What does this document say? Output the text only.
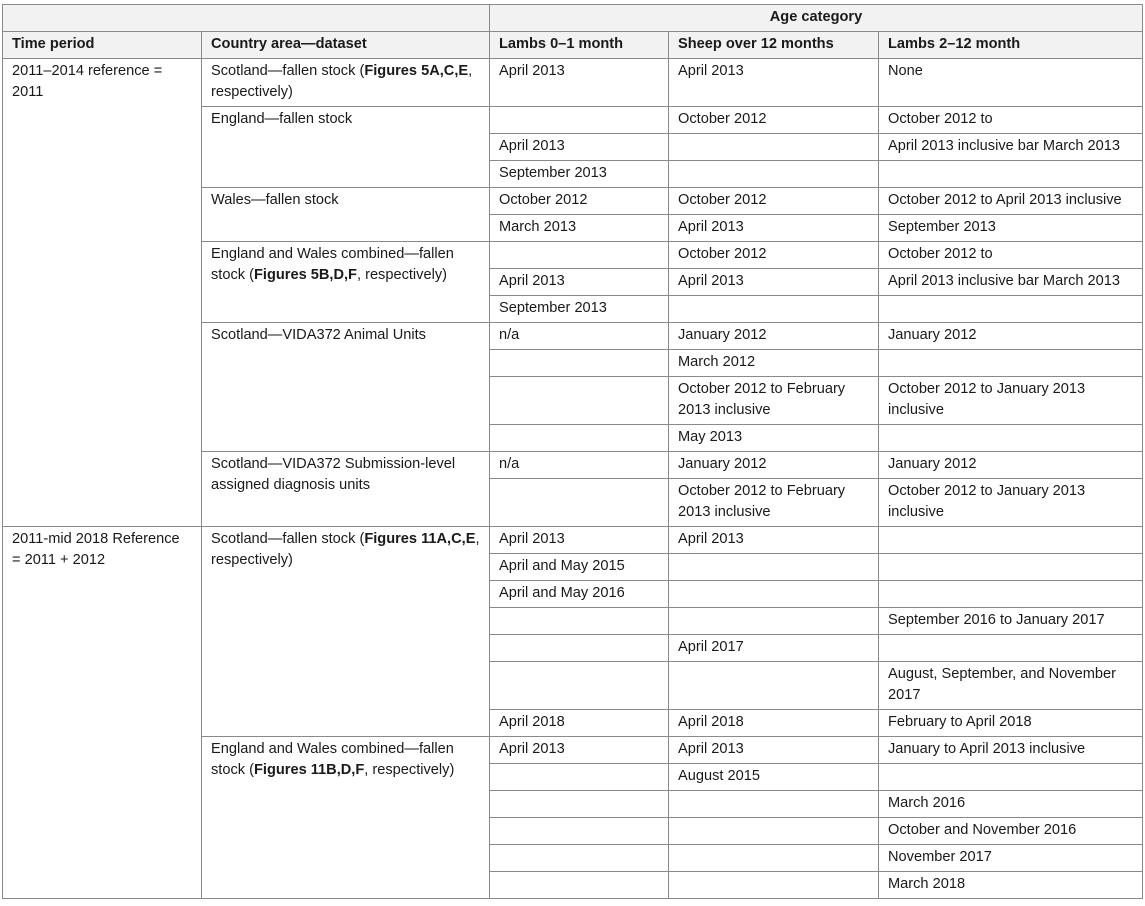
		Age category		
Time period	Country area—dataset	Lambs 0–1 month	Sheep over 12 months	Lambs 2–12 month
2011–2014 reference = 2011	Scotland—fallen stock (Figures 5A,C,E, respectively)	April 2013	April 2013	None
	England—fallen stock		October 2012	October 2012 to
		April 2013		April 2013 inclusive bar March 2013
		September 2013		
	Wales—fallen stock	October 2012	October 2012	October 2012 to April 2013 inclusive
		March 2013	April 2013	September 2013
	England and Wales combined—fallen stock (Figures 5B,D,F, respectively)		October 2012	October 2012 to
		April 2013	April 2013	April 2013 inclusive bar March 2013
		September 2013		
	Scotland—VIDA372 Animal Units	n/a	January 2012	January 2012
			March 2012	
			October 2012 to February 2013 inclusive	October 2012 to January 2013 inclusive
			May 2013	
	Scotland—VIDA372 Submission-level assigned diagnosis units	n/a	January 2012	January 2012
			October 2012 to February 2013 inclusive	October 2012 to January 2013 inclusive
2011-mid 2018 Reference = 2011 + 2012	Scotland—fallen stock (Figures 11A,C,E, respectively)	April 2013	April 2013	
		April and May 2015		
		April and May 2016		
				September 2016 to January 2017
			April 2017	
				August, September, and November 2017
		April 2018	April 2018	February to April 2018
	England and Wales combined—fallen stock (Figures 11B,D,F, respectively)	April 2013	April 2013	January to April 2013 inclusive
			August 2015	
				March 2016
				October and November 2016
				November 2017
				March 2018
